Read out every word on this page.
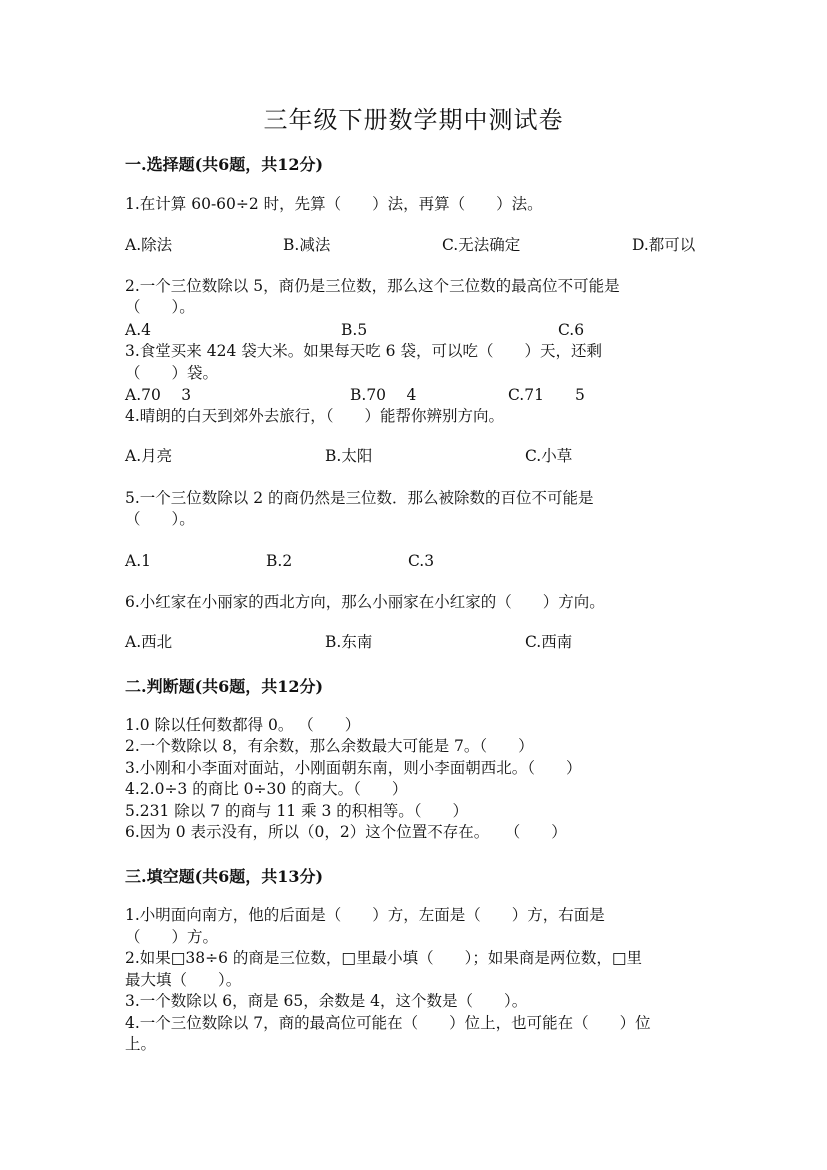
三年级下册数学期中测试卷
一.选择题(共6题，共12分)
1.在计算 60-60÷2 时，先算（　　）法，再算（　　）法。
A.除法	B.减法	C.无法确定	D.都可以
2.一个三位数除以 5，商仍是三位数，那么这个三位数的最高位不可能是
（　　）。
A.4	B.5	C.6
3.食堂买来 424 袋大米。如果每天吃 6 袋，可以吃（　　）天，还剩
（　　）袋。
A.70　 3	B.70　 4	C.71　　5
4.晴朗的白天到郊外去旅行，（　　）能帮你辨别方向。
A.月亮	B.太阳	C.小草
5.一个三位数除以 2 的商仍然是三位数．那么被除数的百位不可能是
（　　）。
A.1	B.2	C.3
6.小红家在小丽家的西北方向，那么小丽家在小红家的（　　）方向。
A.西北	B.东南	C.西南
二.判断题(共6题，共12分)
1.0 除以任何数都得 0。 （　　）
2.一个数除以 8，有余数，那么余数最大可能是 7。（　　）
3.小刚和小李面对面站，小刚面朝东南，则小李面朝西北。（　　）
4.2.0÷3 的商比 0÷30 的商大。（　　）
5.231 除以 7 的商与 11 乘 3 的积相等。（　　）
6.因为 0 表示没有，所以（0，2）这个位置不存在。　　（　　）
三.填空题(共6题，共13分)
1.小明面向南方，他的后面是（　　）方，左面是（　　）方，右面是
（　　）方。
2.如果□38÷6 的商是三位数，□里最小填（　　）；如果商是两位数，□里
最大填（　　）。
3.一个数除以 6，商是 65，余数是 4，这个数是（　　）。
4.一个三位数除以 7，商的最高位可能在（　　）位上，也可能在（　　）位
上。
